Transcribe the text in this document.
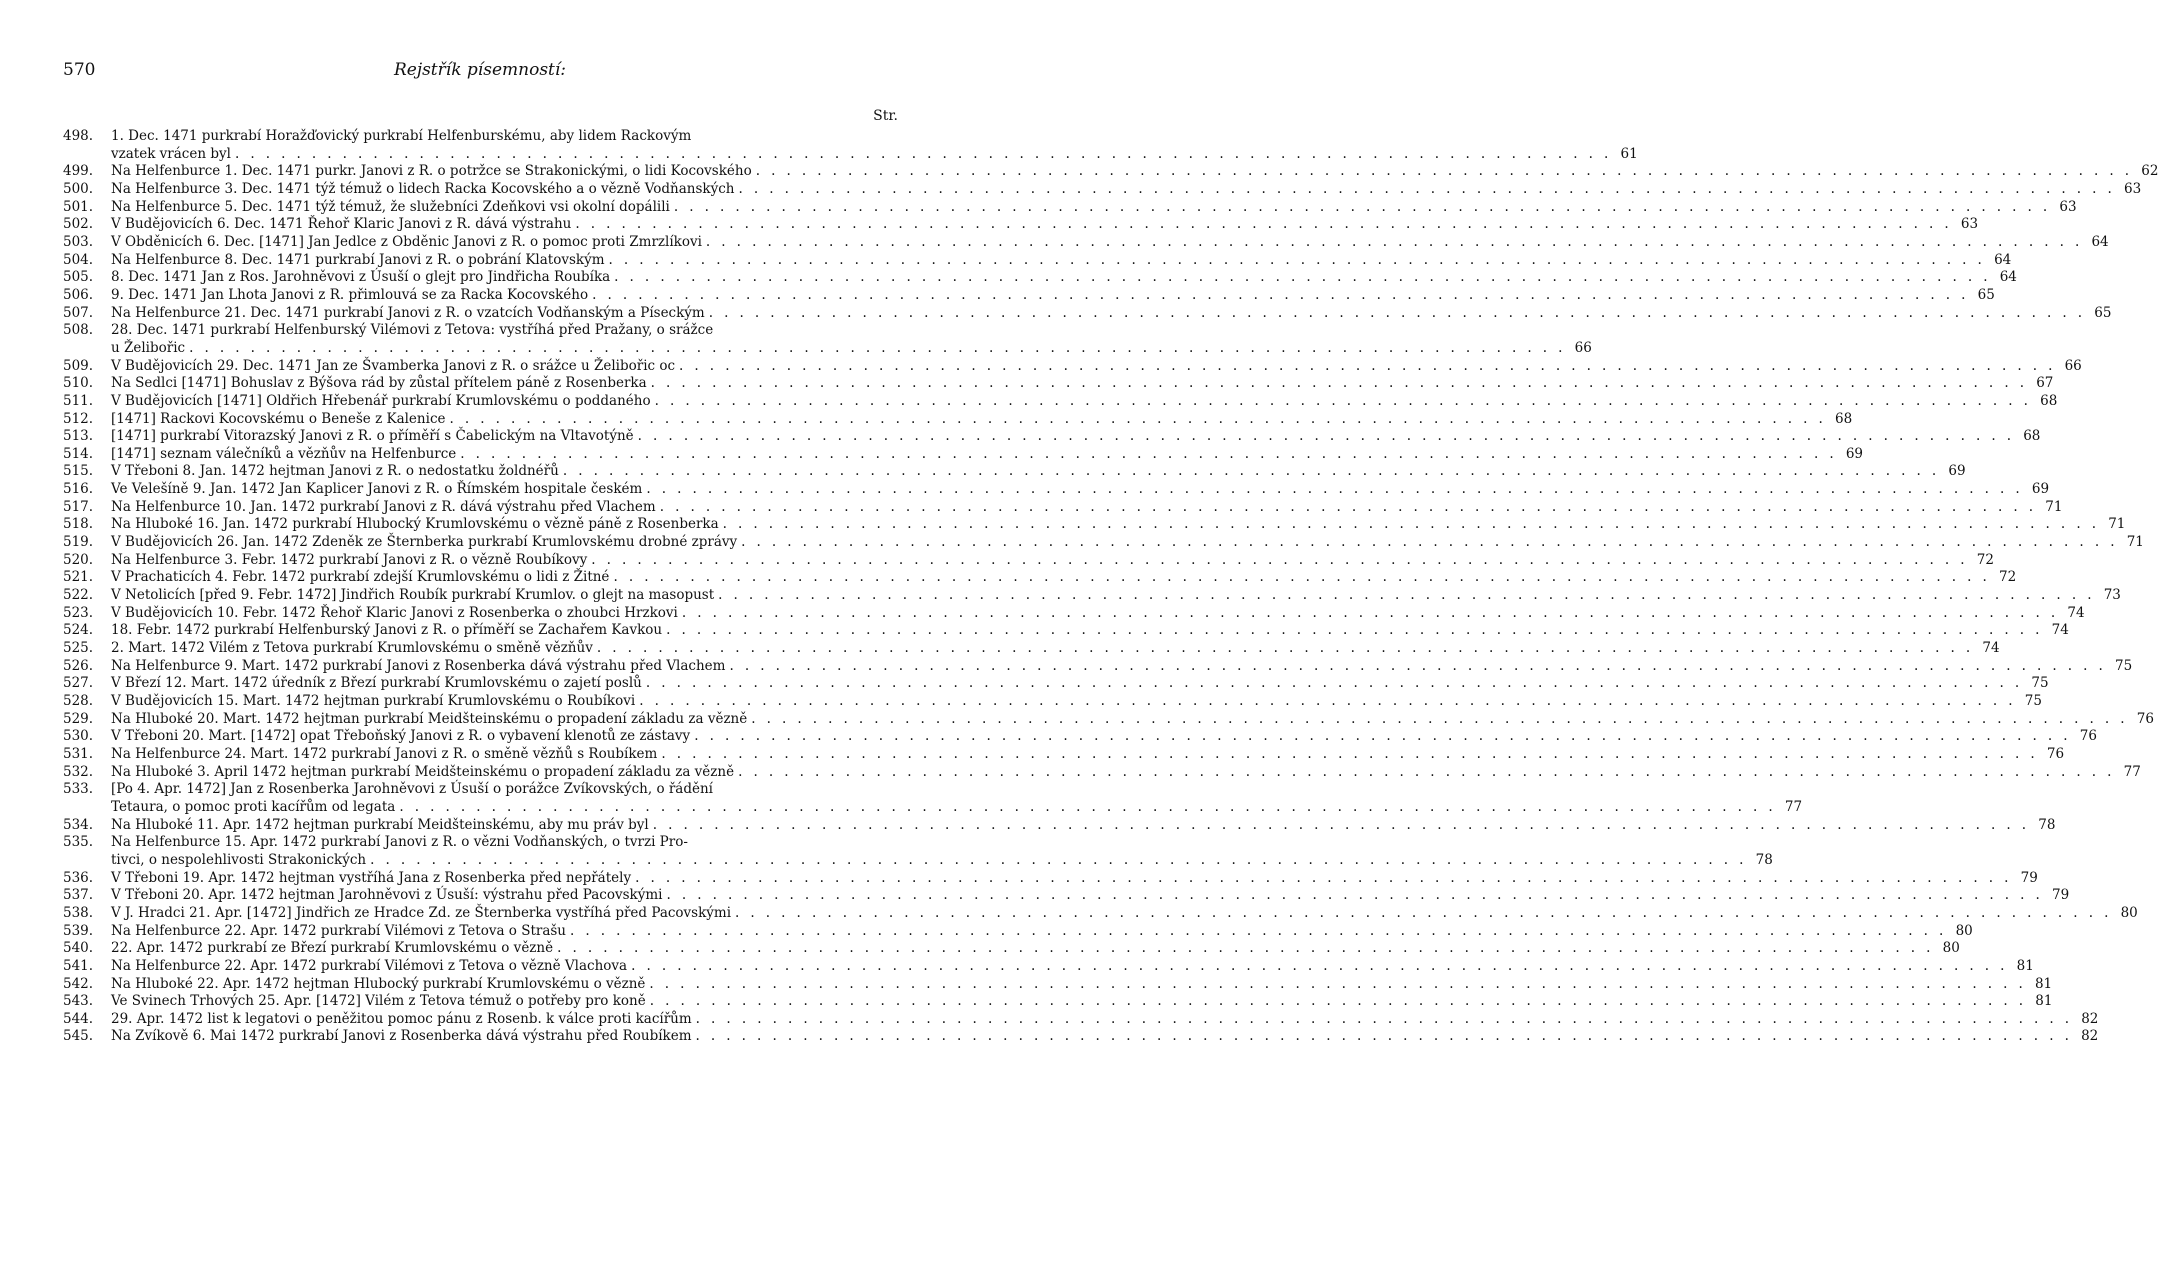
570	Rejstřík písemností:
Str.
498.	1. Dec. 1471 purkrabí Horažďovický purkrabí Helfenburskému, aby lidem Rackovým
vzatek vrácen byl . . . . . . . . . . . . . . . . . . . . . . . . . . . . . . . . . . . . . . . . . . . . . . . . . . . . . . . . . . . . . . . . . . . . . . . . . . . . . . . . . . . . . . . . . . 61
499.	Na Helfenburce 1. Dec. 1471 purkr. Janovi z R. o potržce se Strakonickými, o lidi Kocovského . . . . . . . . . . . . . . . . . . . . . . . . . . . . . . . . . . . . . . . . . . . . . . . . . . . . . . . . . . . . . . . . . . . . . . . . . . . . . . . . . . . . . . . . . . 62
500.	Na Helfenburce 3. Dec. 1471 týž témuž o lidech Racka Kocovského a o vězně Vodňanských . . . . . . . . . . . . . . . . . . . . . . . . . . . . . . . . . . . . . . . . . . . . . . . . . . . . . . . . . . . . . . . . . . . . . . . . . . . . . . . . . . . . . . . . . . 63
501.	Na Helfenburce 5. Dec. 1471 týž témuž, že služebníci Zdeňkovi vsi okolní dopálili . . . . . . . . . . . . . . . . . . . . . . . . . . . . . . . . . . . . . . . . . . . . . . . . . . . . . . . . . . . . . . . . . . . . . . . . . . . . . . . . . . . . . . . . . . 63
502.	V Budějovicích 6. Dec. 1471 Řehoř Klaric Janovi z R. dává výstrahu . . . . . . . . . . . . . . . . . . . . . . . . . . . . . . . . . . . . . . . . . . . . . . . . . . . . . . . . . . . . . . . . . . . . . . . . . . . . . . . . . . . . . . . . . . 63
503.	V Obděnicích 6. Dec. [1471] Jan Jedlce z Obděnic Janovi z R. o pomoc proti Zmrzlíkovi . . . . . . . . . . . . . . . . . . . . . . . . . . . . . . . . . . . . . . . . . . . . . . . . . . . . . . . . . . . . . . . . . . . . . . . . . . . . . . . . . . . . . . . . . . 64
504.	Na Helfenburce 8. Dec. 1471 purkrabí Janovi z R. o pobrání Klatovským . . . . . . . . . . . . . . . . . . . . . . . . . . . . . . . . . . . . . . . . . . . . . . . . . . . . . . . . . . . . . . . . . . . . . . . . . . . . . . . . . . . . . . . . . . 64
505.	8. Dec. 1471 Jan z Ros. Jarohněvovi z Úsuší o glejt pro Jindřicha Roubíka . . . . . . . . . . . . . . . . . . . . . . . . . . . . . . . . . . . . . . . . . . . . . . . . . . . . . . . . . . . . . . . . . . . . . . . . . . . . . . . . . . . . . . . . . . 64
506.	9. Dec. 1471 Jan Lhota Janovi z R. přimlouvá se za Racka Kocovského . . . . . . . . . . . . . . . . . . . . . . . . . . . . . . . . . . . . . . . . . . . . . . . . . . . . . . . . . . . . . . . . . . . . . . . . . . . . . . . . . . . . . . . . . . 65
507.	Na Helfenburce 21. Dec. 1471 purkrabí Janovi z R. o vzatcích Vodňanským a Píseckým . . . . . . . . . . . . . . . . . . . . . . . . . . . . . . . . . . . . . . . . . . . . . . . . . . . . . . . . . . . . . . . . . . . . . . . . . . . . . . . . . . . . . . . . . . 65
508.	28. Dec. 1471 purkrabí Helfenburský Vilémovi z Tetova: vystříhá před Pražany, o srážce
u Želibořic . . . . . . . . . . . . . . . . . . . . . . . . . . . . . . . . . . . . . . . . . . . . . . . . . . . . . . . . . . . . . . . . . . . . . . . . . . . . . . . . . . . . . . . . . . 66
509.	V Budějovicích 29. Dec. 1471 Jan ze Švamberka Janovi z R. o srážce u Želibořic oc . . . . . . . . . . . . . . . . . . . . . . . . . . . . . . . . . . . . . . . . . . . . . . . . . . . . . . . . . . . . . . . . . . . . . . . . . . . . . . . . . . . . . . . . . . 66
510.	Na Sedlci [1471] Bohuslav z Býšova rád by zůstal přítelem páně z Rosenberka . . . . . . . . . . . . . . . . . . . . . . . . . . . . . . . . . . . . . . . . . . . . . . . . . . . . . . . . . . . . . . . . . . . . . . . . . . . . . . . . . . . . . . . . . . 67
511.	V Budějovicích [1471] Oldřich Hřebenář purkrabí Krumlovskému o poddaného . . . . . . . . . . . . . . . . . . . . . . . . . . . . . . . . . . . . . . . . . . . . . . . . . . . . . . . . . . . . . . . . . . . . . . . . . . . . . . . . . . . . . . . . . . 68
512.	[1471] Rackovi Kocovskému o Beneše z Kalenice . . . . . . . . . . . . . . . . . . . . . . . . . . . . . . . . . . . . . . . . . . . . . . . . . . . . . . . . . . . . . . . . . . . . . . . . . . . . . . . . . . . . . . . . . . 68
513.	[1471] purkrabí Vitorazský Janovi z R. o příměří s Čabelickým na Vltavotýně . . . . . . . . . . . . . . . . . . . . . . . . . . . . . . . . . . . . . . . . . . . . . . . . . . . . . . . . . . . . . . . . . . . . . . . . . . . . . . . . . . . . . . . . . . 68
514.	[1471] seznam válečníků a vězňův na Helfenburce . . . . . . . . . . . . . . . . . . . . . . . . . . . . . . . . . . . . . . . . . . . . . . . . . . . . . . . . . . . . . . . . . . . . . . . . . . . . . . . . . . . . . . . . . . 69
515.	V Třeboni 8. Jan. 1472 hejtman Janovi z R. o nedostatku žoldnéřů . . . . . . . . . . . . . . . . . . . . . . . . . . . . . . . . . . . . . . . . . . . . . . . . . . . . . . . . . . . . . . . . . . . . . . . . . . . . . . . . . . . . . . . . . . 69
516.	Ve Velešíně 9. Jan. 1472 Jan Kaplicer Janovi z R. o Římském hospitale českém . . . . . . . . . . . . . . . . . . . . . . . . . . . . . . . . . . . . . . . . . . . . . . . . . . . . . . . . . . . . . . . . . . . . . . . . . . . . . . . . . . . . . . . . . . 69
517.	Na Helfenburce 10. Jan. 1472 purkrabí Janovi z R. dává výstrahu před Vlachem . . . . . . . . . . . . . . . . . . . . . . . . . . . . . . . . . . . . . . . . . . . . . . . . . . . . . . . . . . . . . . . . . . . . . . . . . . . . . . . . . . . . . . . . . . 71
518.	Na Hluboké 16. Jan. 1472 purkrabí Hlubocký Krumlovskému o vězně páně z Rosenberka . . . . . . . . . . . . . . . . . . . . . . . . . . . . . . . . . . . . . . . . . . . . . . . . . . . . . . . . . . . . . . . . . . . . . . . . . . . . . . . . . . . . . . . . . . 71
519.	V Budějovicích 26. Jan. 1472 Zdeněk ze Šternberka purkrabí Krumlovskému drobné zprávy . . . . . . . . . . . . . . . . . . . . . . . . . . . . . . . . . . . . . . . . . . . . . . . . . . . . . . . . . . . . . . . . . . . . . . . . . . . . . . . . . . . . . . . . . . 71
520.	Na Helfenburce 3. Febr. 1472 purkrabí Janovi z R. o vězně Roubíkovy . . . . . . . . . . . . . . . . . . . . . . . . . . . . . . . . . . . . . . . . . . . . . . . . . . . . . . . . . . . . . . . . . . . . . . . . . . . . . . . . . . . . . . . . . . 72
521.	V Prachaticích 4. Febr. 1472 purkrabí zdejší Krumlovskému o lidi z Žitné . . . . . . . . . . . . . . . . . . . . . . . . . . . . . . . . . . . . . . . . . . . . . . . . . . . . . . . . . . . . . . . . . . . . . . . . . . . . . . . . . . . . . . . . . . 72
522.	V Netolicích [před 9. Febr. 1472] Jindřich Roubík purkrabí Krumlov. o glejt na masopust . . . . . . . . . . . . . . . . . . . . . . . . . . . . . . . . . . . . . . . . . . . . . . . . . . . . . . . . . . . . . . . . . . . . . . . . . . . . . . . . . . . . . . . . . . 73
523.	V Budějovicích 10. Febr. 1472 Řehoř Klaric Janovi z Rosenberka o zhoubci Hrzkovi . . . . . . . . . . . . . . . . . . . . . . . . . . . . . . . . . . . . . . . . . . . . . . . . . . . . . . . . . . . . . . . . . . . . . . . . . . . . . . . . . . . . . . . . . . 74
524.	18. Febr. 1472 purkrabí Helfenburský Janovi z R. o příměří se Zachařem Kavkou . . . . . . . . . . . . . . . . . . . . . . . . . . . . . . . . . . . . . . . . . . . . . . . . . . . . . . . . . . . . . . . . . . . . . . . . . . . . . . . . . . . . . . . . . . 74
525.	2. Mart. 1472 Vilém z Tetova purkrabí Krumlovskému o směně vězňův . . . . . . . . . . . . . . . . . . . . . . . . . . . . . . . . . . . . . . . . . . . . . . . . . . . . . . . . . . . . . . . . . . . . . . . . . . . . . . . . . . . . . . . . . . 74
526.	Na Helfenburce 9. Mart. 1472 purkrabí Janovi z Rosenberka dává výstrahu před Vlachem . . . . . . . . . . . . . . . . . . . . . . . . . . . . . . . . . . . . . . . . . . . . . . . . . . . . . . . . . . . . . . . . . . . . . . . . . . . . . . . . . . . . . . . . . . 75
527.	V Březí 12. Mart. 1472 úředník z Březí purkrabí Krumlovskému o zajetí poslů . . . . . . . . . . . . . . . . . . . . . . . . . . . . . . . . . . . . . . . . . . . . . . . . . . . . . . . . . . . . . . . . . . . . . . . . . . . . . . . . . . . . . . . . . . 75
528.	V Budějovicích 15. Mart. 1472 hejtman purkrabí Krumlovskému o Roubíkovi . . . . . . . . . . . . . . . . . . . . . . . . . . . . . . . . . . . . . . . . . . . . . . . . . . . . . . . . . . . . . . . . . . . . . . . . . . . . . . . . . . . . . . . . . . 75
529.	Na Hluboké 20. Mart. 1472 hejtman purkrabí Meidšteinskému o propadení základu za vězně . . . . . . . . . . . . . . . . . . . . . . . . . . . . . . . . . . . . . . . . . . . . . . . . . . . . . . . . . . . . . . . . . . . . . . . . . . . . . . . . . . . . . . . . . . 76
530.	V Třeboni 20. Mart. [1472] opat Třeboňský Janovi z R. o vybavení klenotů ze zástavy . . . . . . . . . . . . . . . . . . . . . . . . . . . . . . . . . . . . . . . . . . . . . . . . . . . . . . . . . . . . . . . . . . . . . . . . . . . . . . . . . . . . . . . . . . 76
531.	Na Helfenburce 24. Mart. 1472 purkrabí Janovi z R. o směně vězňů s Roubíkem . . . . . . . . . . . . . . . . . . . . . . . . . . . . . . . . . . . . . . . . . . . . . . . . . . . . . . . . . . . . . . . . . . . . . . . . . . . . . . . . . . . . . . . . . . 76
532.	Na Hluboké 3. April 1472 hejtman purkrabí Meidšteinskému o propadení základu za vězně . . . . . . . . . . . . . . . . . . . . . . . . . . . . . . . . . . . . . . . . . . . . . . . . . . . . . . . . . . . . . . . . . . . . . . . . . . . . . . . . . . . . . . . . . . 77
533.	[Po 4. Apr. 1472] Jan z Rosenberka Jarohněvovi z Úsuší o porážce Zvíkovských, o řádění
Tetaura, o pomoc proti kacířům od legata . . . . . . . . . . . . . . . . . . . . . . . . . . . . . . . . . . . . . . . . . . . . . . . . . . . . . . . . . . . . . . . . . . . . . . . . . . . . . . . . . . . . . . . . . . 77
534.	Na Hluboké 11. Apr. 1472 hejtman purkrabí Meidšteinskému, aby mu práv byl . . . . . . . . . . . . . . . . . . . . . . . . . . . . . . . . . . . . . . . . . . . . . . . . . . . . . . . . . . . . . . . . . . . . . . . . . . . . . . . . . . . . . . . . . . 78
535.	Na Helfenburce 15. Apr. 1472 purkrabí Janovi z R. o vězni Vodňanských, o tvrzi Pro-
tivci, o nespolehlivosti Strakonických . . . . . . . . . . . . . . . . . . . . . . . . . . . . . . . . . . . . . . . . . . . . . . . . . . . . . . . . . . . . . . . . . . . . . . . . . . . . . . . . . . . . . . . . . . 78
536.	V Třeboni 19. Apr. 1472 hejtman vystříhá Jana z Rosenberka před nepřátely . . . . . . . . . . . . . . . . . . . . . . . . . . . . . . . . . . . . . . . . . . . . . . . . . . . . . . . . . . . . . . . . . . . . . . . . . . . . . . . . . . . . . . . . . . 79
537.	V Třeboni 20. Apr. 1472 hejtman Jarohněvovi z Úsuší: výstrahu před Pacovskými . . . . . . . . . . . . . . . . . . . . . . . . . . . . . . . . . . . . . . . . . . . . . . . . . . . . . . . . . . . . . . . . . . . . . . . . . . . . . . . . . . . . . . . . . . 79
538.	V J. Hradci 21. Apr. [1472] Jindřich ze Hradce Zd. ze Šternberka vystříhá před Pacovskými . . . . . . . . . . . . . . . . . . . . . . . . . . . . . . . . . . . . . . . . . . . . . . . . . . . . . . . . . . . . . . . . . . . . . . . . . . . . . . . . . . . . . . . . . . 80
539.	Na Helfenburce 22. Apr. 1472 purkrabí Vilémovi z Tetova o Strašu . . . . . . . . . . . . . . . . . . . . . . . . . . . . . . . . . . . . . . . . . . . . . . . . . . . . . . . . . . . . . . . . . . . . . . . . . . . . . . . . . . . . . . . . . . 80
540.	22. Apr. 1472 purkrabí ze Březí purkrabí Krumlovskému o vězně . . . . . . . . . . . . . . . . . . . . . . . . . . . . . . . . . . . . . . . . . . . . . . . . . . . . . . . . . . . . . . . . . . . . . . . . . . . . . . . . . . . . . . . . . . 80
541.	Na Helfenburce 22. Apr. 1472 purkrabí Vilémovi z Tetova o vězně Vlachova . . . . . . . . . . . . . . . . . . . . . . . . . . . . . . . . . . . . . . . . . . . . . . . . . . . . . . . . . . . . . . . . . . . . . . . . . . . . . . . . . . . . . . . . . . 81
542.	Na Hluboké 22. Apr. 1472 hejtman Hlubocký purkrabí Krumlovskému o vězně . . . . . . . . . . . . . . . . . . . . . . . . . . . . . . . . . . . . . . . . . . . . . . . . . . . . . . . . . . . . . . . . . . . . . . . . . . . . . . . . . . . . . . . . . . 81
543.	Ve Svinech Trhových 25. Apr. [1472] Vilém z Tetova témuž o potřeby pro koně . . . . . . . . . . . . . . . . . . . . . . . . . . . . . . . . . . . . . . . . . . . . . . . . . . . . . . . . . . . . . . . . . . . . . . . . . . . . . . . . . . . . . . . . . . 81
544.	29. Apr. 1472 list k legatovi o peněžitou pomoc pánu z Rosenb. k válce proti kacířům . . . . . . . . . . . . . . . . . . . . . . . . . . . . . . . . . . . . . . . . . . . . . . . . . . . . . . . . . . . . . . . . . . . . . . . . . . . . . . . . . . . . . . . . . . 82
545.	Na Zvíkově 6. Mai 1472 purkrabí Janovi z Rosenberka dává výstrahu před Roubíkem . . . . . . . . . . . . . . . . . . . . . . . . . . . . . . . . . . . . . . . . . . . . . . . . . . . . . . . . . . . . . . . . . . . . . . . . . . . . . . . . . . . . . . . . . . 82
